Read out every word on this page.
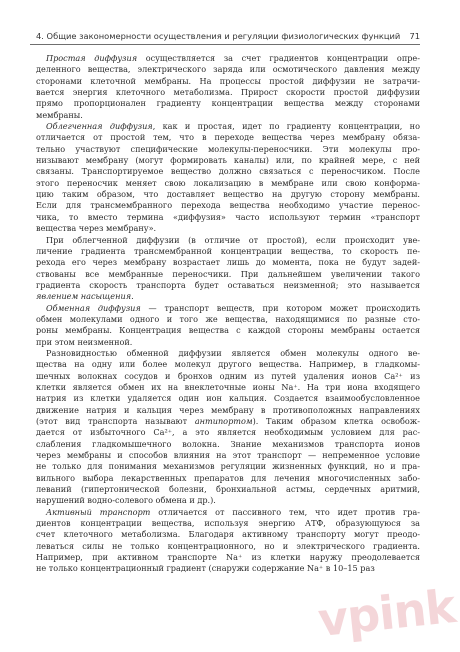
4. Общие закономерности осуществления и регуляции физиологических функций 71
Простая диффузия осуществляется за счет градиентов концентрации опре-
деленного вещества, электрического заряда или осмотического давления между
сторонами клеточной мембраны. На процессы простой диффузии не затрачи-
вается энергия клеточного метаболизма. Прирост скорости простой диффузии
прямо пропорционален градиенту концентрации вещества между сторонами
мембраны.
Облегченная диффузия, как и простая, идет по градиенту концентрации, но
отличается от простой тем, что в переходе вещества через мембрану обяза-
тельно участвуют специфические молекулы-переносчики. Эти молекулы про-
низывают мембрану (могут формировать каналы) или, по крайней мере, с ней
связаны. Транспортируемое вещество должно связаться с переносчиком. После
этого переносчик меняет свою локализацию в мембране или свою конформа-
цию таким образом, что доставляет вещество на другую сторону мембраны.
Если для трансмембранного перехода вещества необходимо участие перенос-
чика, то вместо термина «диффузия» часто используют термин «транспорт
вещества через мембрану».
При облегченной диффузии (в отличие от простой), если происходит уве-
личение градиента трансмембранной концентрации вещества, то скорость пе-
рехода его через мембрану возрастает лишь до момента, пока не будут задей-
ствованы все мембранные переносчики. При дальнейшем увеличении такого
градиента скорость транспорта будет оставаться неизменной; это называется
явлением насыщения.
Обменная диффузия — транспорт веществ, при котором может происходить
обмен молекулами одного и того же вещества, находящимися по разные сто-
роны мембраны. Концентрация вещества с каждой стороны мембраны остается
при этом неизменной.
Разновидностью обменной диффузии является обмен молекулы одного ве-
щества на одну или более молекул другого вещества. Например, в гладкомы-
шечных волокнах сосудов и бронхов одним из путей удаления ионов Ca²⁺ из
клетки является обмен их на внеклеточные ионы Na⁺. На три иона входящего
натрия из клетки удаляется один ион кальция. Создается взаимообусловленное
движение натрия и кальция через мембрану в противоположных направлениях
(этот вид транспорта называют антипортом). Таким образом клетка освобож-
дается от избыточного Ca²⁺, а это является необходимым условием для рас-
слабления гладкомышечного волокна. Знание механизмов транспорта ионов
через мембраны и способов влияния на этот транспорт — непременное условие
не только для понимания механизмов регуляции жизненных функций, но и пра-
вильного выбора лекарственных препаратов для лечения многочисленных забо-
леваний (гипертонической болезни, бронхиальной астмы, сердечных аритмий,
нарушений водно-солевого обмена и др.).
Активный транспорт отличается от пассивного тем, что идет против гра-
диентов концентрации вещества, используя энергию АТФ, образующуюся за
счет клеточного метаболизма. Благодаря активному транспорту могут преодо-
леваться силы не только концентрационного, но и электрического градиента.
Например, при активном транспорте Na⁺ из клетки наружу преодолевается
не только концентрационный градиент (снаружи содержание Na⁺ в 10–15 раз
vpink
